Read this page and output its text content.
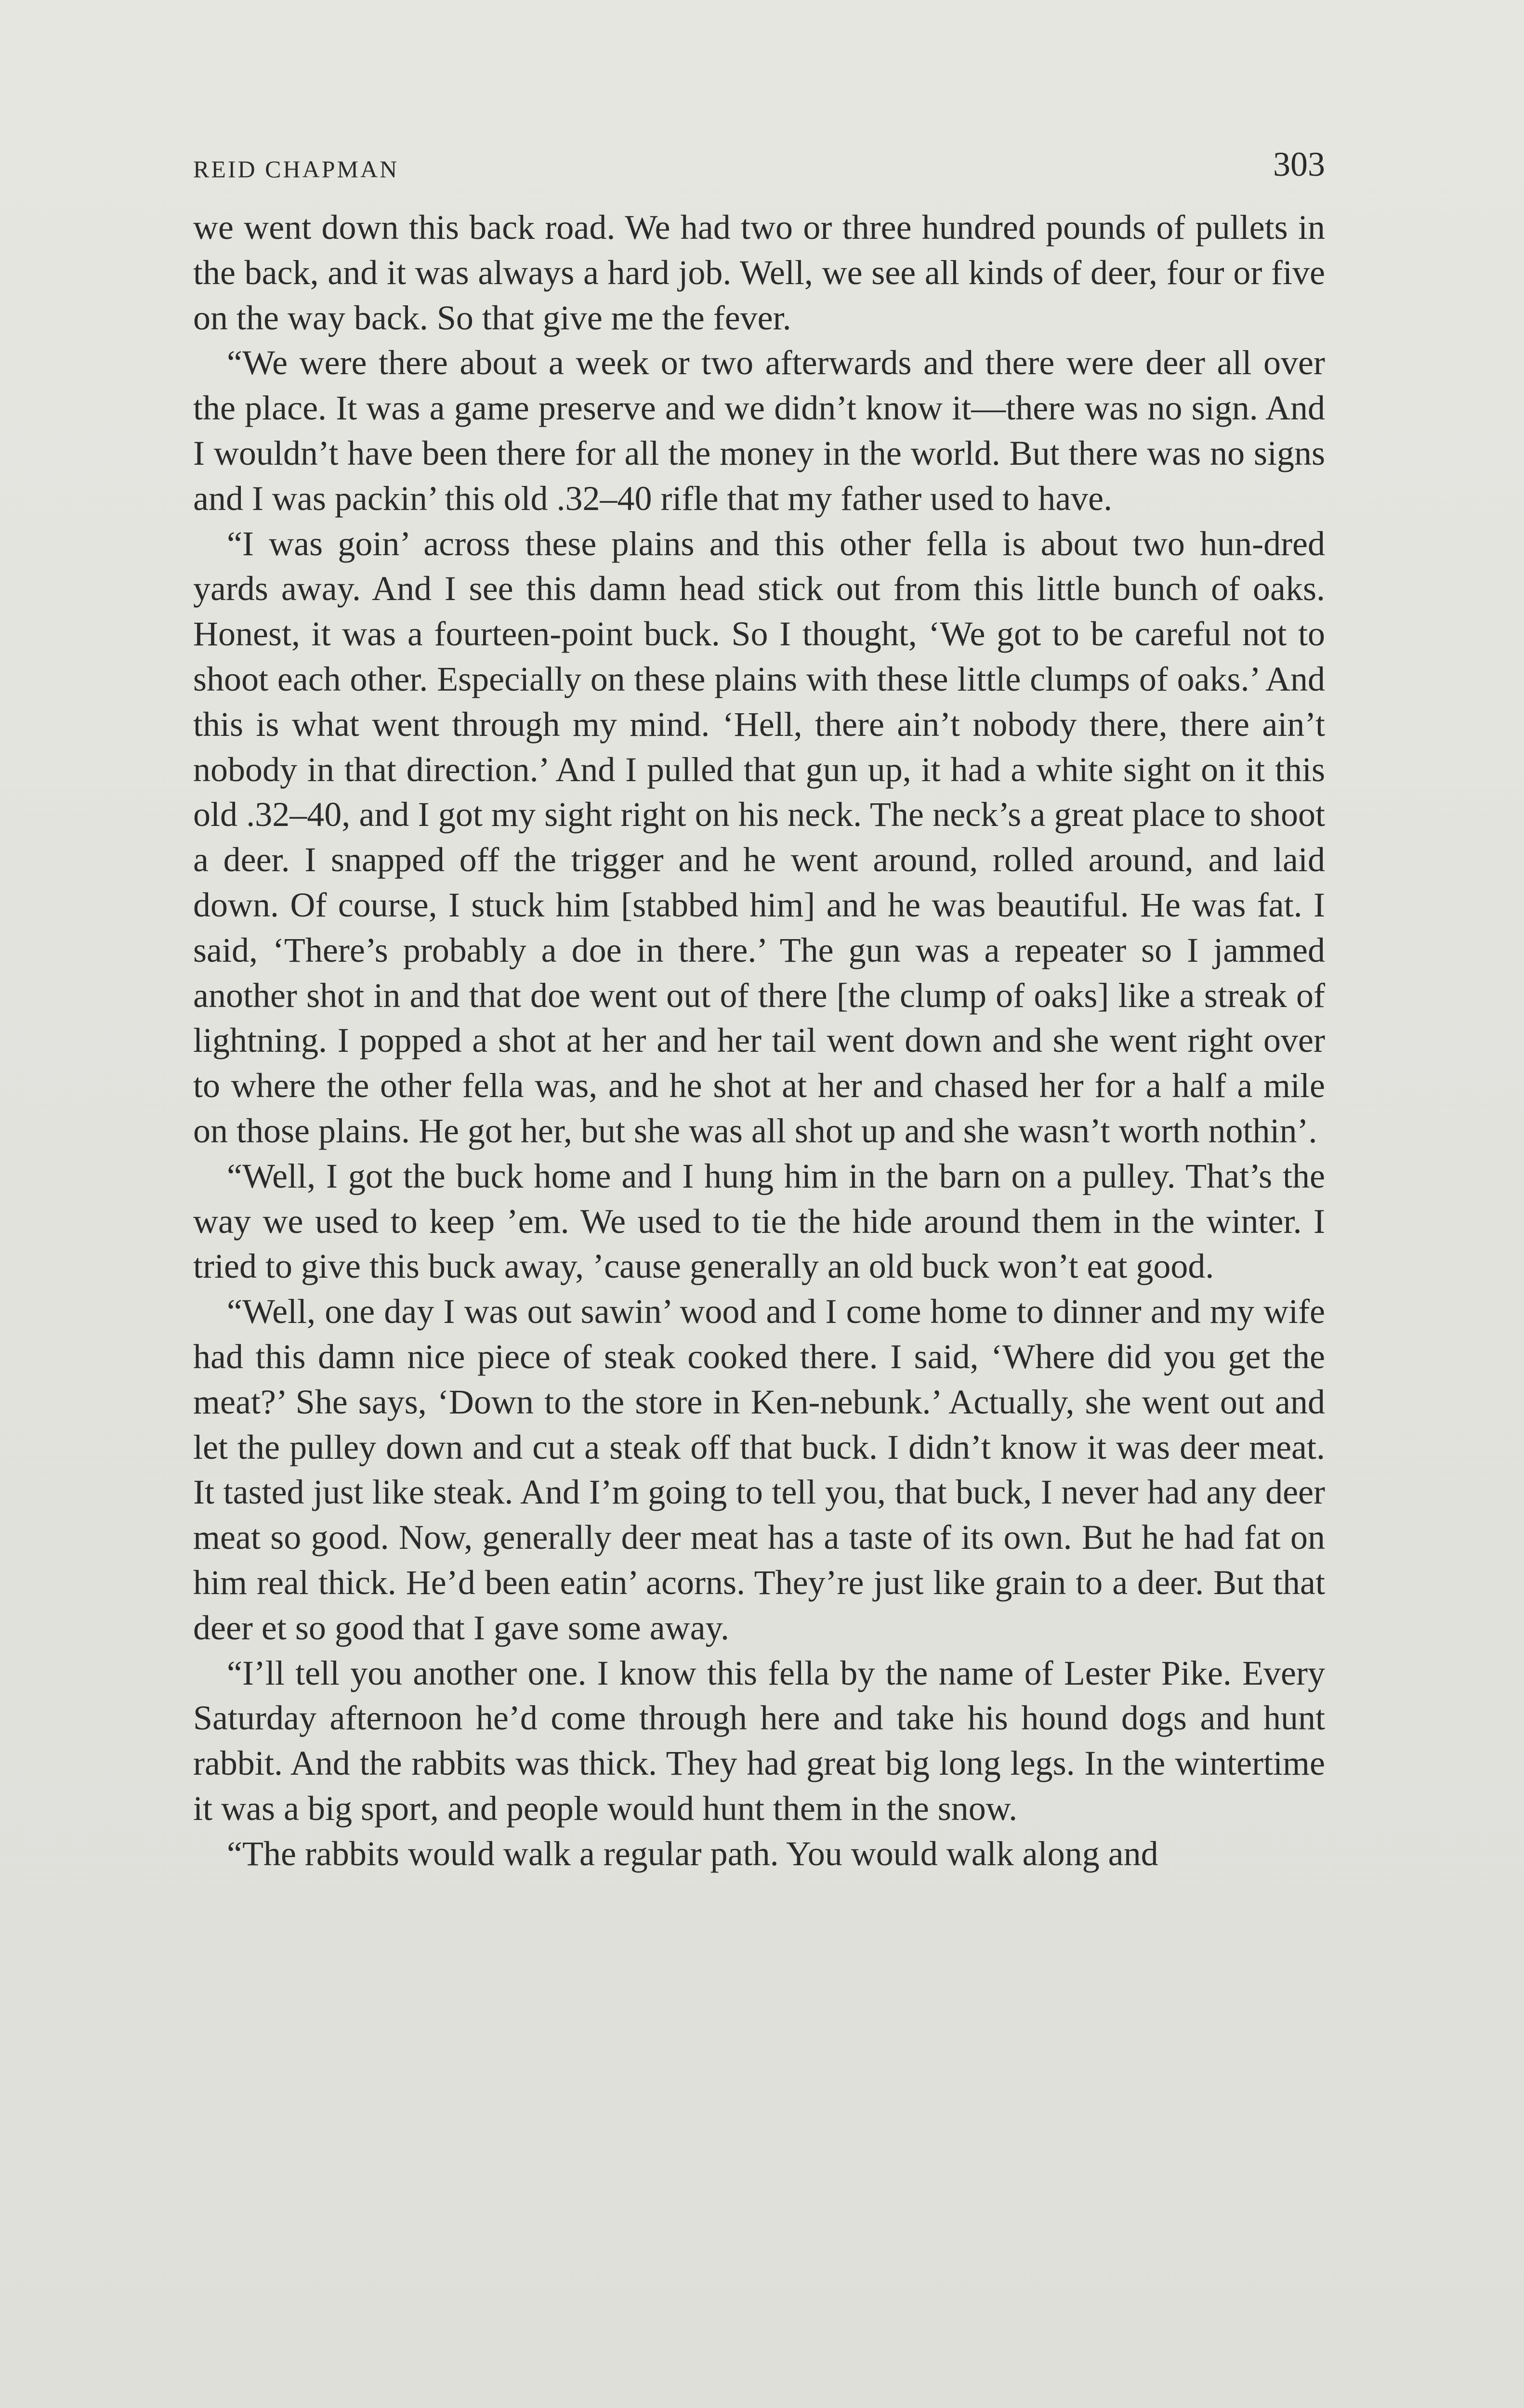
REID CHAPMAN	303

we went down this back road. We had two or three hundred pounds of pullets in the back, and it was always a hard job. Well, we see all kinds of deer, four or five on the way back. So that give me the fever.

“We were there about a week or two afterwards and there were deer all over the place. It was a game preserve and we didn’t know it—there was no sign. And I wouldn’t have been there for all the money in the world. But there was no signs and I was packin’ this old .32–40 rifle that my father used to have.

“I was goin’ across these plains and this other fella is about two hun-dred yards away. And I see this damn head stick out from this little bunch of oaks. Honest, it was a fourteen-point buck. So I thought, ‘We got to be careful not to shoot each other. Especially on these plains with these little clumps of oaks.’ And this is what went through my mind. ‘Hell, there ain’t nobody there, there ain’t nobody in that direction.’ And I pulled that gun up, it had a white sight on it this old .32–40, and I got my sight right on his neck. The neck’s a great place to shoot a deer. I snapped off the trigger and he went around, rolled around, and laid down. Of course, I stuck him [stabbed him] and he was beautiful. He was fat. I said, ‘There’s probably a doe in there.’ The gun was a repeater so I jammed another shot in and that doe went out of there [the clump of oaks] like a streak of lightning. I popped a shot at her and her tail went down and she went right over to where the other fella was, and he shot at her and chased her for a half a mile on those plains. He got her, but she was all shot up and she wasn’t worth nothin’.

“Well, I got the buck home and I hung him in the barn on a pulley. That’s the way we used to keep ’em. We used to tie the hide around them in the winter. I tried to give this buck away, ’cause generally an old buck won’t eat good.

“Well, one day I was out sawin’ wood and I come home to dinner and my wife had this damn nice piece of steak cooked there. I said, ‘Where did you get the meat?’ She says, ‘Down to the store in Ken-nebunk.’ Actually, she went out and let the pulley down and cut a steak off that buck. I didn’t know it was deer meat. It tasted just like steak. And I’m going to tell you, that buck, I never had any deer meat so good. Now, generally deer meat has a taste of its own. But he had fat on him real thick. He’d been eatin’ acorns. They’re just like grain to a deer. But that deer et so good that I gave some away.

“I’ll tell you another one. I know this fella by the name of Lester Pike. Every Saturday afternoon he’d come through here and take his hound dogs and hunt rabbit. And the rabbits was thick. They had great big long legs. In the wintertime it was a big sport, and people would hunt them in the snow.

“The rabbits would walk a regular path. You would walk along and
